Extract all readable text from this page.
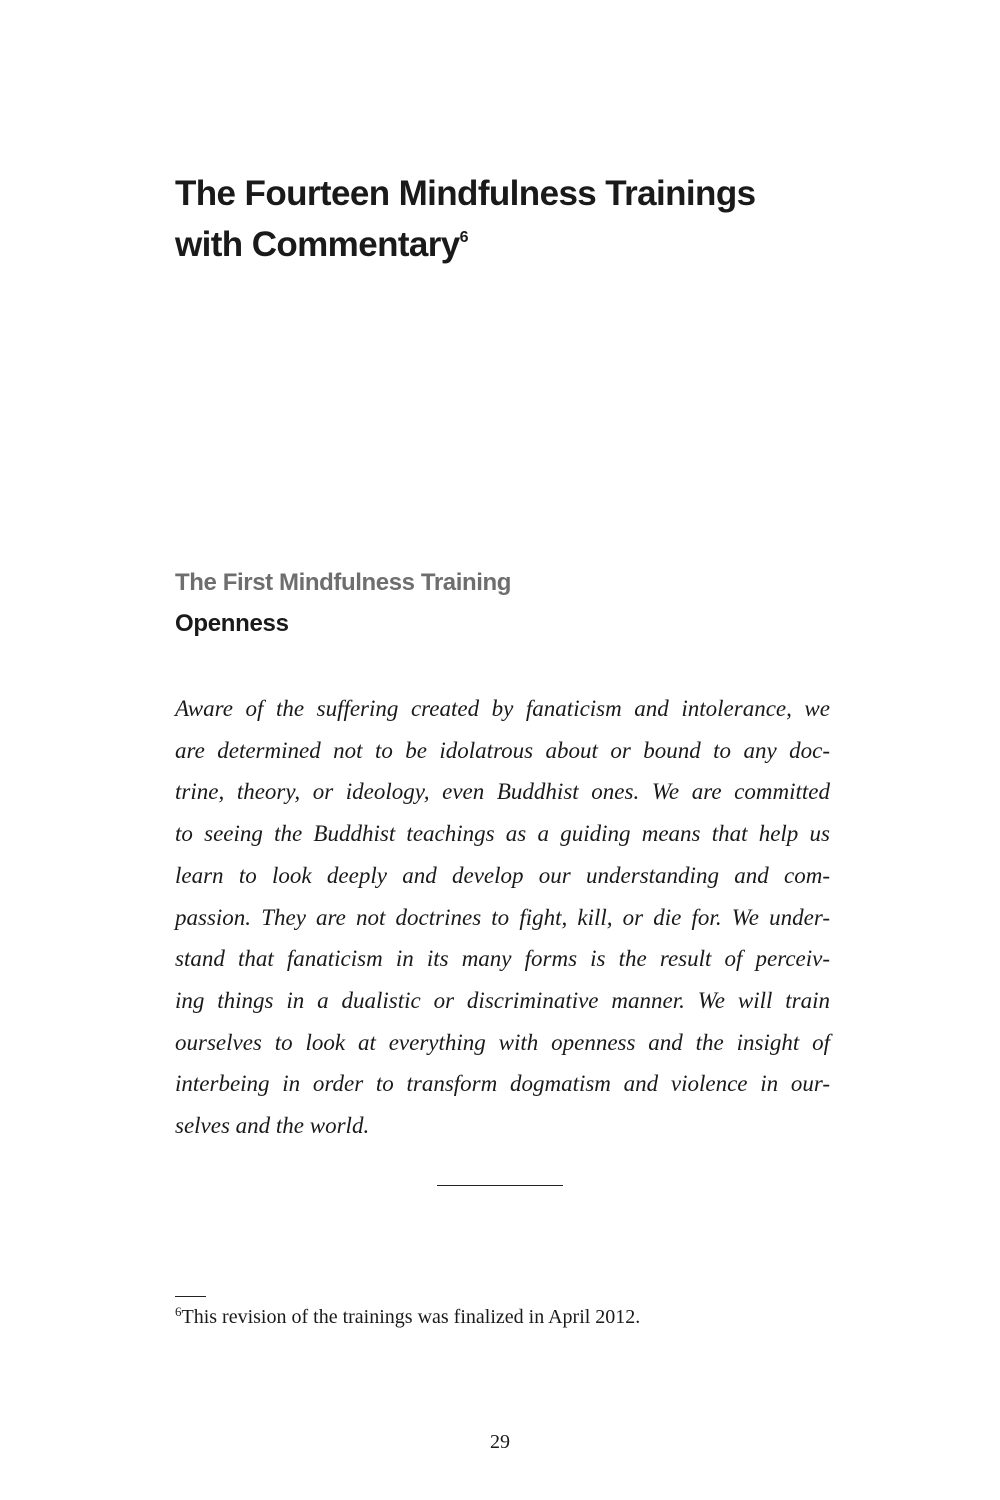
The Fourteen Mindfulness Trainings
with Commentary$^6$
The First Mindfulness Training
Openness
Aware of the suffering created by fanaticism and intolerance, we
are determined not to be idolatrous about or bound to any doc-
trine, theory, or ideology, even Buddhist ones. We are committed
to seeing the Buddhist teachings as a guiding means that help us
learn to look deeply and develop our understanding and com-
passion. They are not doctrines to fight, kill, or die for. We under-
stand that fanaticism in its many forms is the result of perceiv-
ing things in a dualistic or discriminative manner. We will train
ourselves to look at everything with openness and the insight of
interbeing in order to transform dogmatism and violence in our-
selves and the world.

$^6$This revision of the trainings was finalized in April 2012.

29
